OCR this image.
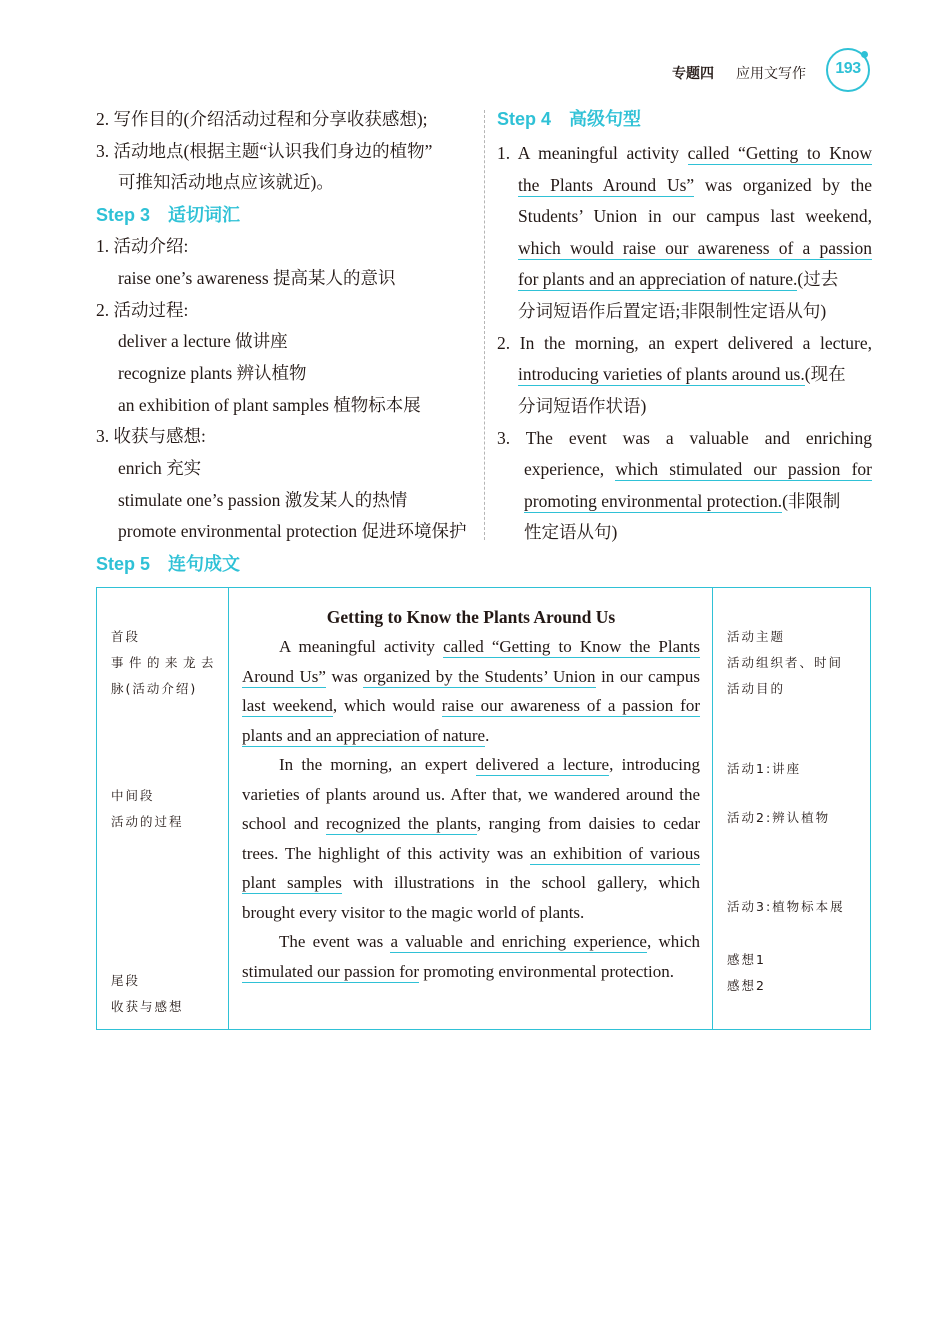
专题四 应用文写作	193
2. 写作目的(介绍活动过程和分享收获感想);
3. 活动地点(根据主题“认识我们身边的植物”
可推知活动地点应该就近)。
Step 3 适切词汇
1. 活动介绍:
raise one’s awareness 提高某人的意识
2. 活动过程:
deliver a lecture 做讲座
recognize plants 辨认植物
an exhibition of plant samples 植物标本展
3. 收获与感想:
enrich 充实
stimulate one’s passion 激发某人的热情
promote environmental protection 促进环境保护
Step 5 连句成文
Step 4 高级句型
1. A meaningful activity called “Getting to Know
the Plants Around Us” was organized by the
Students’ Union in our campus last weekend,
which would raise our awareness of a passion
for plants and an appreciation of nature.(过去
分词短语作后置定语;非限制性定语从句)
2. In the morning, an expert delivered a lecture,
introducing varieties of plants around us.(现在
分词短语作状语)
3. The event was a valuable and enriching
experience, which stimulated our passion for
promoting environmental protection.(非限制
性定语从句)
首段
事件的来龙去
脉(活动介绍)
中间段
活动的过程
尾段
收获与感想
Getting to Know the Plants Around Us

A meaningful activity called “Getting to Know the Plants Around Us” was organized by the Students’ Union in our campus last weekend, which would raise our awareness of a passion for plants and an appreciation of nature.

In the morning, an expert delivered a lecture, introducing varieties of plants around us. After that, we wandered around the school and recognized the plants, ranging from daisies to cedar trees. The highlight of this activity was an exhibition of various plant samples with illustrations in the school gallery, which brought every visitor to the magic world of plants.

The event was a valuable and enriching experience, which stimulated our passion for promoting environmental protection.

活动主题
活动组织者、时间
活动目的
活动1:讲座
活动2:辨认植物
活动3:植物标本展
感想1
感想2
